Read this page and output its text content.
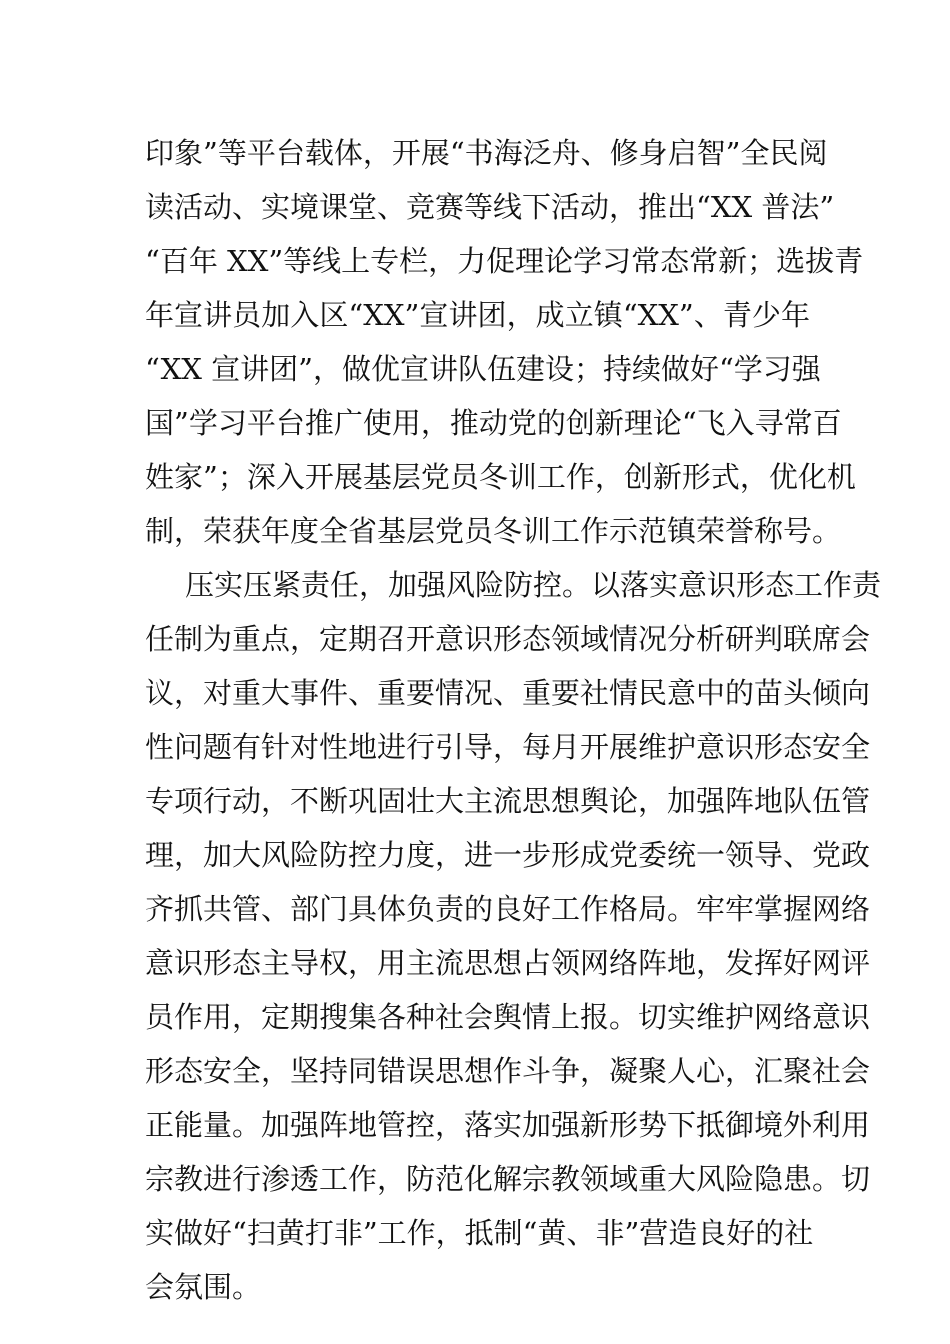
印象”等平台载体，开展“书海泛舟、修身启智”全民阅
读活动、实境课堂、竞赛等线下活动，推出“XX 普法”
“百年 XX”等线上专栏，力促理论学习常态常新；选拔青
年宣讲员加入区“XX”宣讲团，成立镇“XX”、青少年
“XX 宣讲团”，做优宣讲队伍建设；持续做好“学习强
国”学习平台推广使用，推动党的创新理论“飞入寻常百
姓家”；深入开展基层党员冬训工作，创新形式，优化机
制，荣获年度全省基层党员冬训工作示范镇荣誉称号。
压实压紧责任，加强风险防控。以落实意识形态工作责
任制为重点，定期召开意识形态领域情况分析研判联席会
议，对重大事件、重要情况、重要社情民意中的苗头倾向
性问题有针对性地进行引导，每月开展维护意识形态安全
专项行动，不断巩固壮大主流思想舆论，加强阵地队伍管
理，加大风险防控力度，进一步形成党委统一领导、党政
齐抓共管、部门具体负责的良好工作格局。牢牢掌握网络
意识形态主导权，用主流思想占领网络阵地，发挥好网评
员作用，定期搜集各种社会舆情上报。切实维护网络意识
形态安全，坚持同错误思想作斗争，凝聚人心，汇聚社会
正能量。加强阵地管控，落实加强新形势下抵御境外利用
宗教进行渗透工作，防范化解宗教领域重大风险隐患。切
实做好“扫黄打非”工作，抵制“黄、非”营造良好的社
会氛围。
